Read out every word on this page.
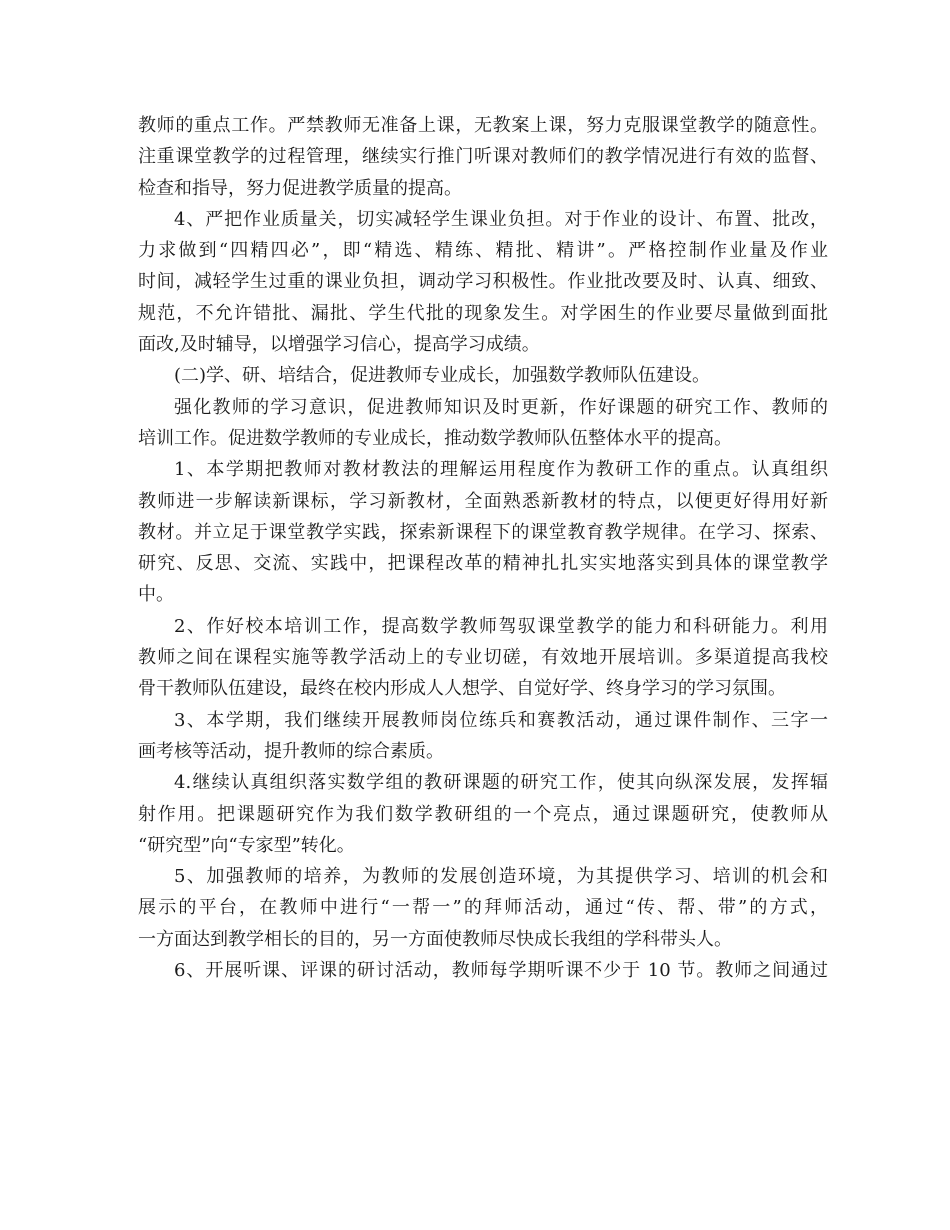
教师的重点工作。严禁教师无准备上课，无教案上课，努力克服课堂教学的随意性。
注重课堂教学的过程管理，继续实行推门听课对教师们的教学情况进行有效的监督、
检查和指导，努力促进教学质量的提高。
4、严把作业质量关，切实减轻学生课业负担。对于作业的设计、布置、批改，
力求做到“四精四必”，即“精选、精练、精批、精讲”。严格控制作业量及作业
时间，减轻学生过重的课业负担，调动学习积极性。作业批改要及时、认真、细致、
规范，不允许错批、漏批、学生代批的现象发生。对学困生的作业要尽量做到面批
面改,及时辅导，以增强学习信心，提高学习成绩。
(二)学、研、培结合，促进教师专业成长，加强数学教师队伍建设。
强化教师的学习意识，促进教师知识及时更新，作好课题的研究工作、教师的
培训工作。促进数学教师的专业成长，推动数学教师队伍整体水平的提高。
1、本学期把教师对教材教法的理解运用程度作为教研工作的重点。认真组织
教师进一步解读新课标，学习新教材，全面熟悉新教材的特点，以便更好得用好新
教材。并立足于课堂教学实践，探索新课程下的课堂教育教学规律。在学习、探索、
研究、反思、交流、实践中，把课程改革的精神扎扎实实地落实到具体的课堂教学
中。
2、作好校本培训工作，提高数学教师驾驭课堂教学的能力和科研能力。利用
教师之间在课程实施等教学活动上的专业切磋，有效地开展培训。多渠道提高我校
骨干教师队伍建设，最终在校内形成人人想学、自觉好学、终身学习的学习氛围。
3、本学期，我们继续开展教师岗位练兵和赛教活动，通过课件制作、三字一
画考核等活动，提升教师的综合素质。
4.继续认真组织落实数学组的教研课题的研究工作，使其向纵深发展，发挥辐
射作用。把课题研究作为我们数学教研组的一个亮点，通过课题研究，使教师从
“研究型”向“专家型”转化。
5、加强教师的培养，为教师的发展创造环境，为其提供学习、培训的机会和
展示的平台，在教师中进行“一帮一”的拜师活动，通过“传、帮、带”的方式，
一方面达到教学相长的目的，另一方面使教师尽快成长我组的学科带头人。
6、开展听课、评课的研讨活动，教师每学期听课不少于 10 节。教师之间通过
